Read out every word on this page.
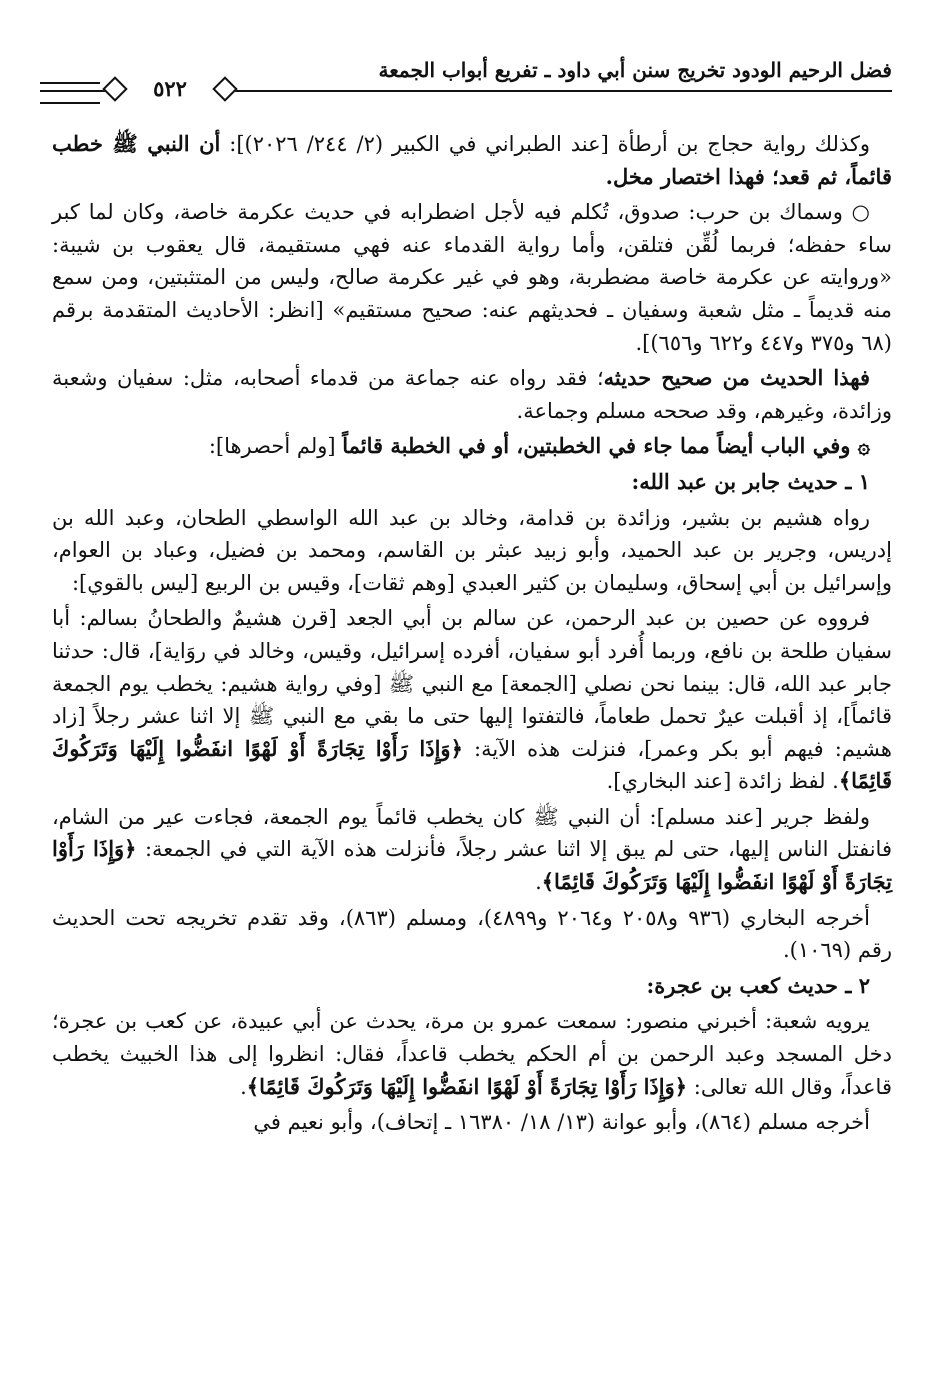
فضل الرحيم الودود تخريج سنن أبي داود ـ تفريع أبواب الجمعة
٥٢٢

وكذلك رواية حجاج بن أرطأة [عند الطبراني في الكبير (٢/ ٢٤٤/ ٢٠٢٦)]: أن النبي ﷺ خطب قائماً، ثم قعد؛ فهذا اختصار مخل.

○ وسماك بن حرب: صدوق، تُكلم فيه لأجل اضطرابه في حديث عكرمة خاصة، وكان لما كبر ساء حفظه؛ فربما لُقِّن فتلقن، وأما رواية القدماء عنه فهي مستقيمة، قال يعقوب بن شيبة: «وروايته عن عكرمة خاصة مضطربة، وهو في غير عكرمة صالح، وليس من المتثبتين، ومن سمع منه قديماً ـ مثل شعبة وسفيان ـ فحديثهم عنه: صحيح مستقيم» [انظر: الأحاديث المتقدمة برقم (٦٨ و٣٧٥ و٤٤٧ و٦٢٢ و٦٥٦)].

فهذا الحديث من صحيح حديثه؛ فقد رواه عنه جماعة من قدماء أصحابه، مثل: سفيان وشعبة وزائدة، وغيرهم، وقد صححه مسلم وجماعة.

۞ وفي الباب أيضاً مما جاء في الخطبتين، أو في الخطبة قائماً [ولم أحصرها]:

١ ـ حديث جابر بن عبد الله:

رواه هشيم بن بشير، وزائدة بن قدامة، وخالد بن عبد الله الواسطي الطحان، وعبد الله بن إدريس، وجرير بن عبد الحميد، وأبو زبيد عبثر بن القاسم، ومحمد بن فضيل، وعباد بن العوام، وإسرائيل بن أبي إسحاق، وسليمان بن كثير العبدي [وهم ثقات]، وقيس بن الربيع [ليس بالقوي]:

فرووه عن حصين بن عبد الرحمن، عن سالم بن أبي الجعد [قرن هشيمٌ والطحانُ بسالم: أبا سفيان طلحة بن نافع، وربما أُفرد أبو سفيان، أفرده إسرائيل، وقيس، وخالد في روَاية]، قال: حدثنا جابر عبد الله، قال: بينما نحن نصلي [الجمعة] مع النبي ﷺ [وفي رواية هشيم: يخطب يوم الجمعة قائماً]، إذ أقبلت عيرٌ تحمل طعاماً، فالتفتوا إليها حتى ما بقي مع النبي ﷺ إلا اثنا عشر رجلاً [زاد هشيم: فيهم أبو بكر وعمر]، فنزلت هذه الآية: ﴿وَإِذَا رَأَوْا تِجَارَةً أَوْ لَهْوًا انفَضُّوا إِلَيْهَا وَتَرَكُوكَ قَائِمًا﴾. لفظ زائدة [عند البخاري].

ولفظ جرير [عند مسلم]: أن النبي ﷺ كان يخطب قائماً يوم الجمعة، فجاءت عير من الشام، فانفتل الناس إليها، حتى لم يبق إلا اثنا عشر رجلاً، فأنزلت هذه الآية التي في الجمعة: ﴿وَإِذَا رَأَوْا تِجَارَةً أَوْ لَهْوًا انفَضُّوا إِلَيْهَا وَتَرَكُوكَ قَائِمًا﴾.

أخرجه البخاري (٩٣٦ و٢٠٥٨ و٢٠٦٤ و٤٨٩٩)، ومسلم (٨٦٣)، وقد تقدم تخريجه تحت الحديث رقم (١٠٦٩).

٢ ـ حديث كعب بن عجرة:

يرويه شعبة: أخبرني منصور: سمعت عمرو بن مرة، يحدث عن أبي عبيدة، عن كعب بن عجرة؛ دخل المسجد وعبد الرحمن بن أم الحكم يخطب قاعداً، فقال: انظروا إلى هذا الخبيث يخطب قاعداً، وقال الله تعالى: ﴿وَإِذَا رَأَوْا تِجَارَةً أَوْ لَهْوًا انفَضُّوا إِلَيْهَا وَتَرَكُوكَ قَائِمًا﴾.

أخرجه مسلم (٨٦٤)، وأبو عوانة (١٣/ ١٨/ ١٦٣٨٠ ـ إتحاف)، وأبو نعيم في
